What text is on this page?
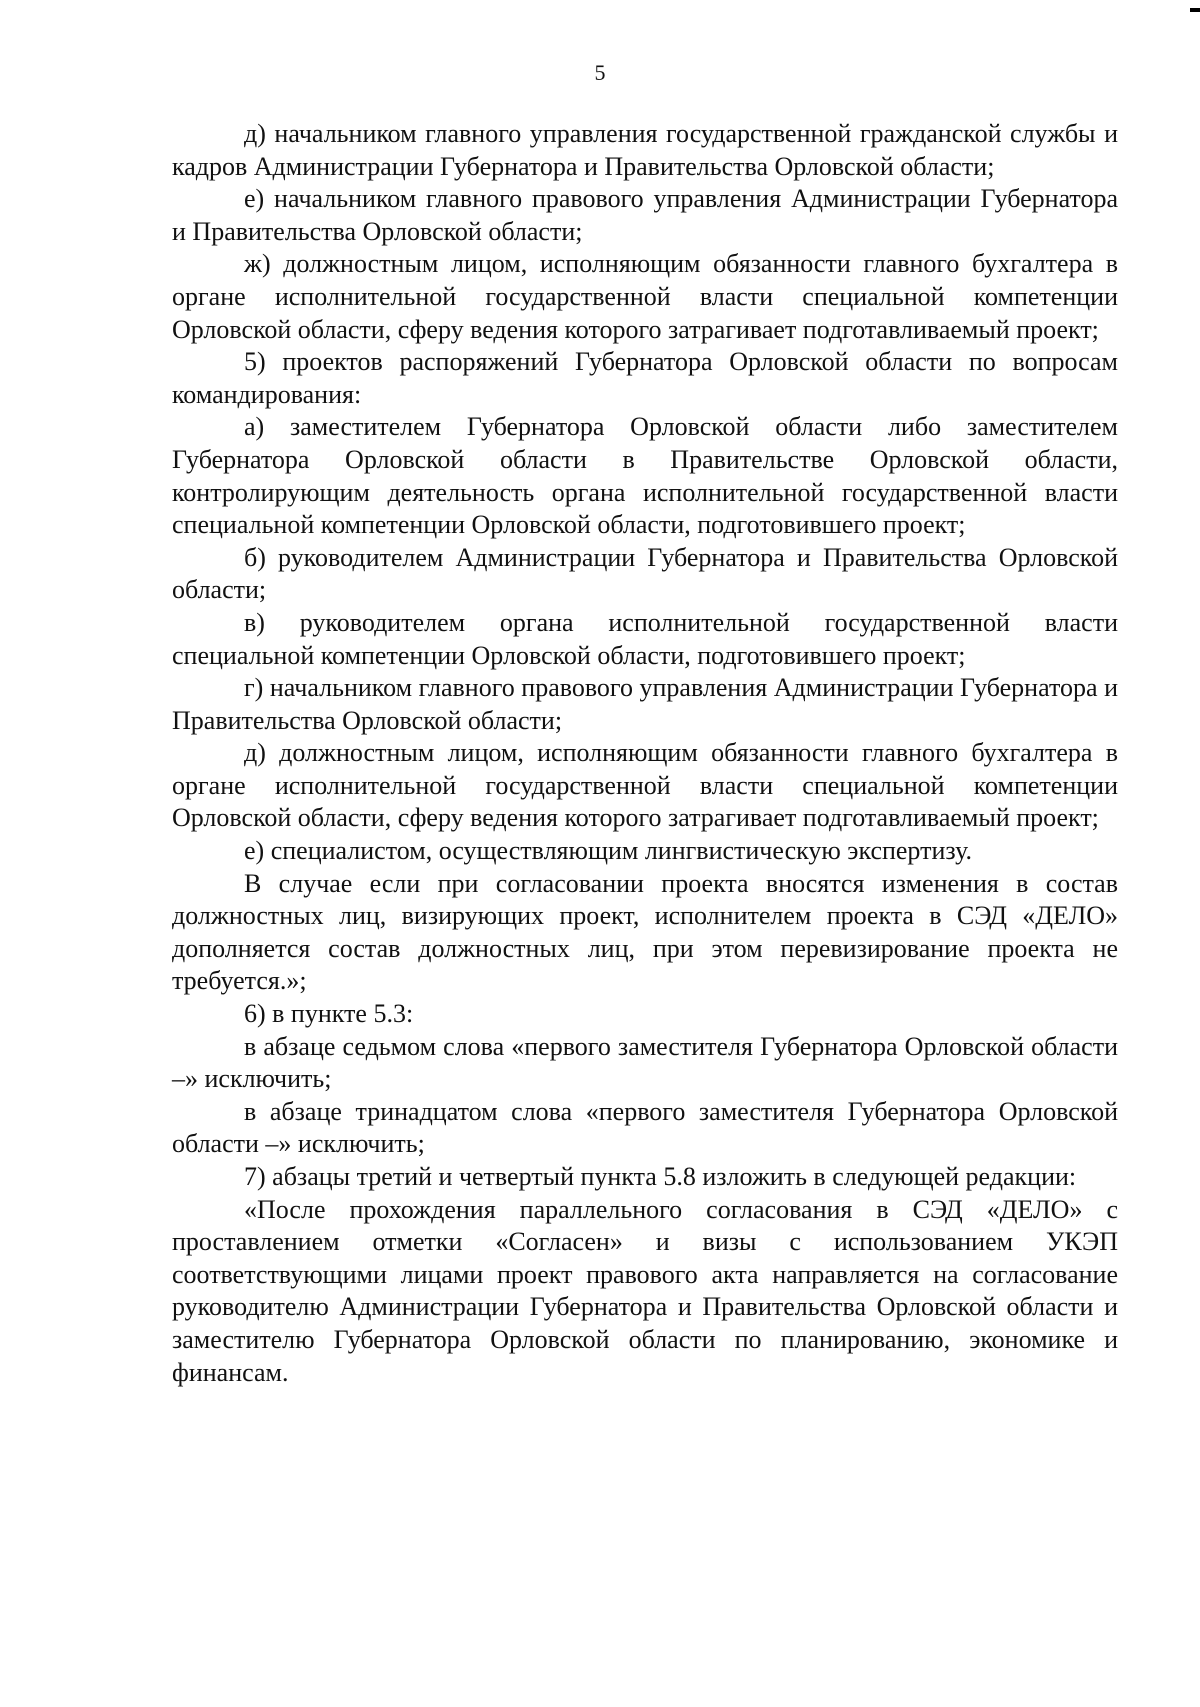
5

д) начальником главного управления государственной гражданской службы и кадров Администрации Губернатора и Правительства Орловской области;

е) начальником главного правового управления Администрации Губернатора и Правительства Орловской области;

ж) должностным лицом, исполняющим обязанности главного бухгалтера в органе исполнительной государственной власти специальной компетенции Орловской области, сферу ведения которого затрагивает подготавливаемый проект;

5) проектов распоряжений Губернатора Орловской области по вопросам командирования:

а) заместителем Губернатора Орловской области либо заместителем Губернатора Орловской области в Правительстве Орловской области, контролирующим деятельность органа исполнительной государственной власти специальной компетенции Орловской области, подготовившего проект;

б) руководителем Администрации Губернатора и Правительства Орловской области;

в) руководителем органа исполнительной государственной власти специальной компетенции Орловской области, подготовившего проект;

г) начальником главного правового управления Администрации Губернатора и Правительства Орловской области;

д) должностным лицом, исполняющим обязанности главного бухгалтера в органе исполнительной государственной власти специальной компетенции Орловской области, сферу ведения которого затрагивает подготавливаемый проект;

е) специалистом, осуществляющим лингвистическую экспертизу.

В случае если при согласовании проекта вносятся изменения в состав должностных лиц, визирующих проект, исполнителем проекта в СЭД «ДЕЛО» дополняется состав должностных лиц, при этом перевизирование проекта не требуется.»;

6) в пункте 5.3:

в абзаце седьмом слова «первого заместителя Губернатора Орловской области –» исключить;

в абзаце тринадцатом слова «первого заместителя Губернатора Орловской области –» исключить;

7) абзацы третий и четвертый пункта 5.8 изложить в следующей редакции:

«После прохождения параллельного согласования в СЭД «ДЕЛО» с проставлением отметки «Согласен» и визы с использованием УКЭП соответствующими лицами проект правового акта направляется на согласование руководителю Администрации Губернатора и Правительства Орловской области и заместителю Губернатора Орловской области по планированию, экономике и финансам.
